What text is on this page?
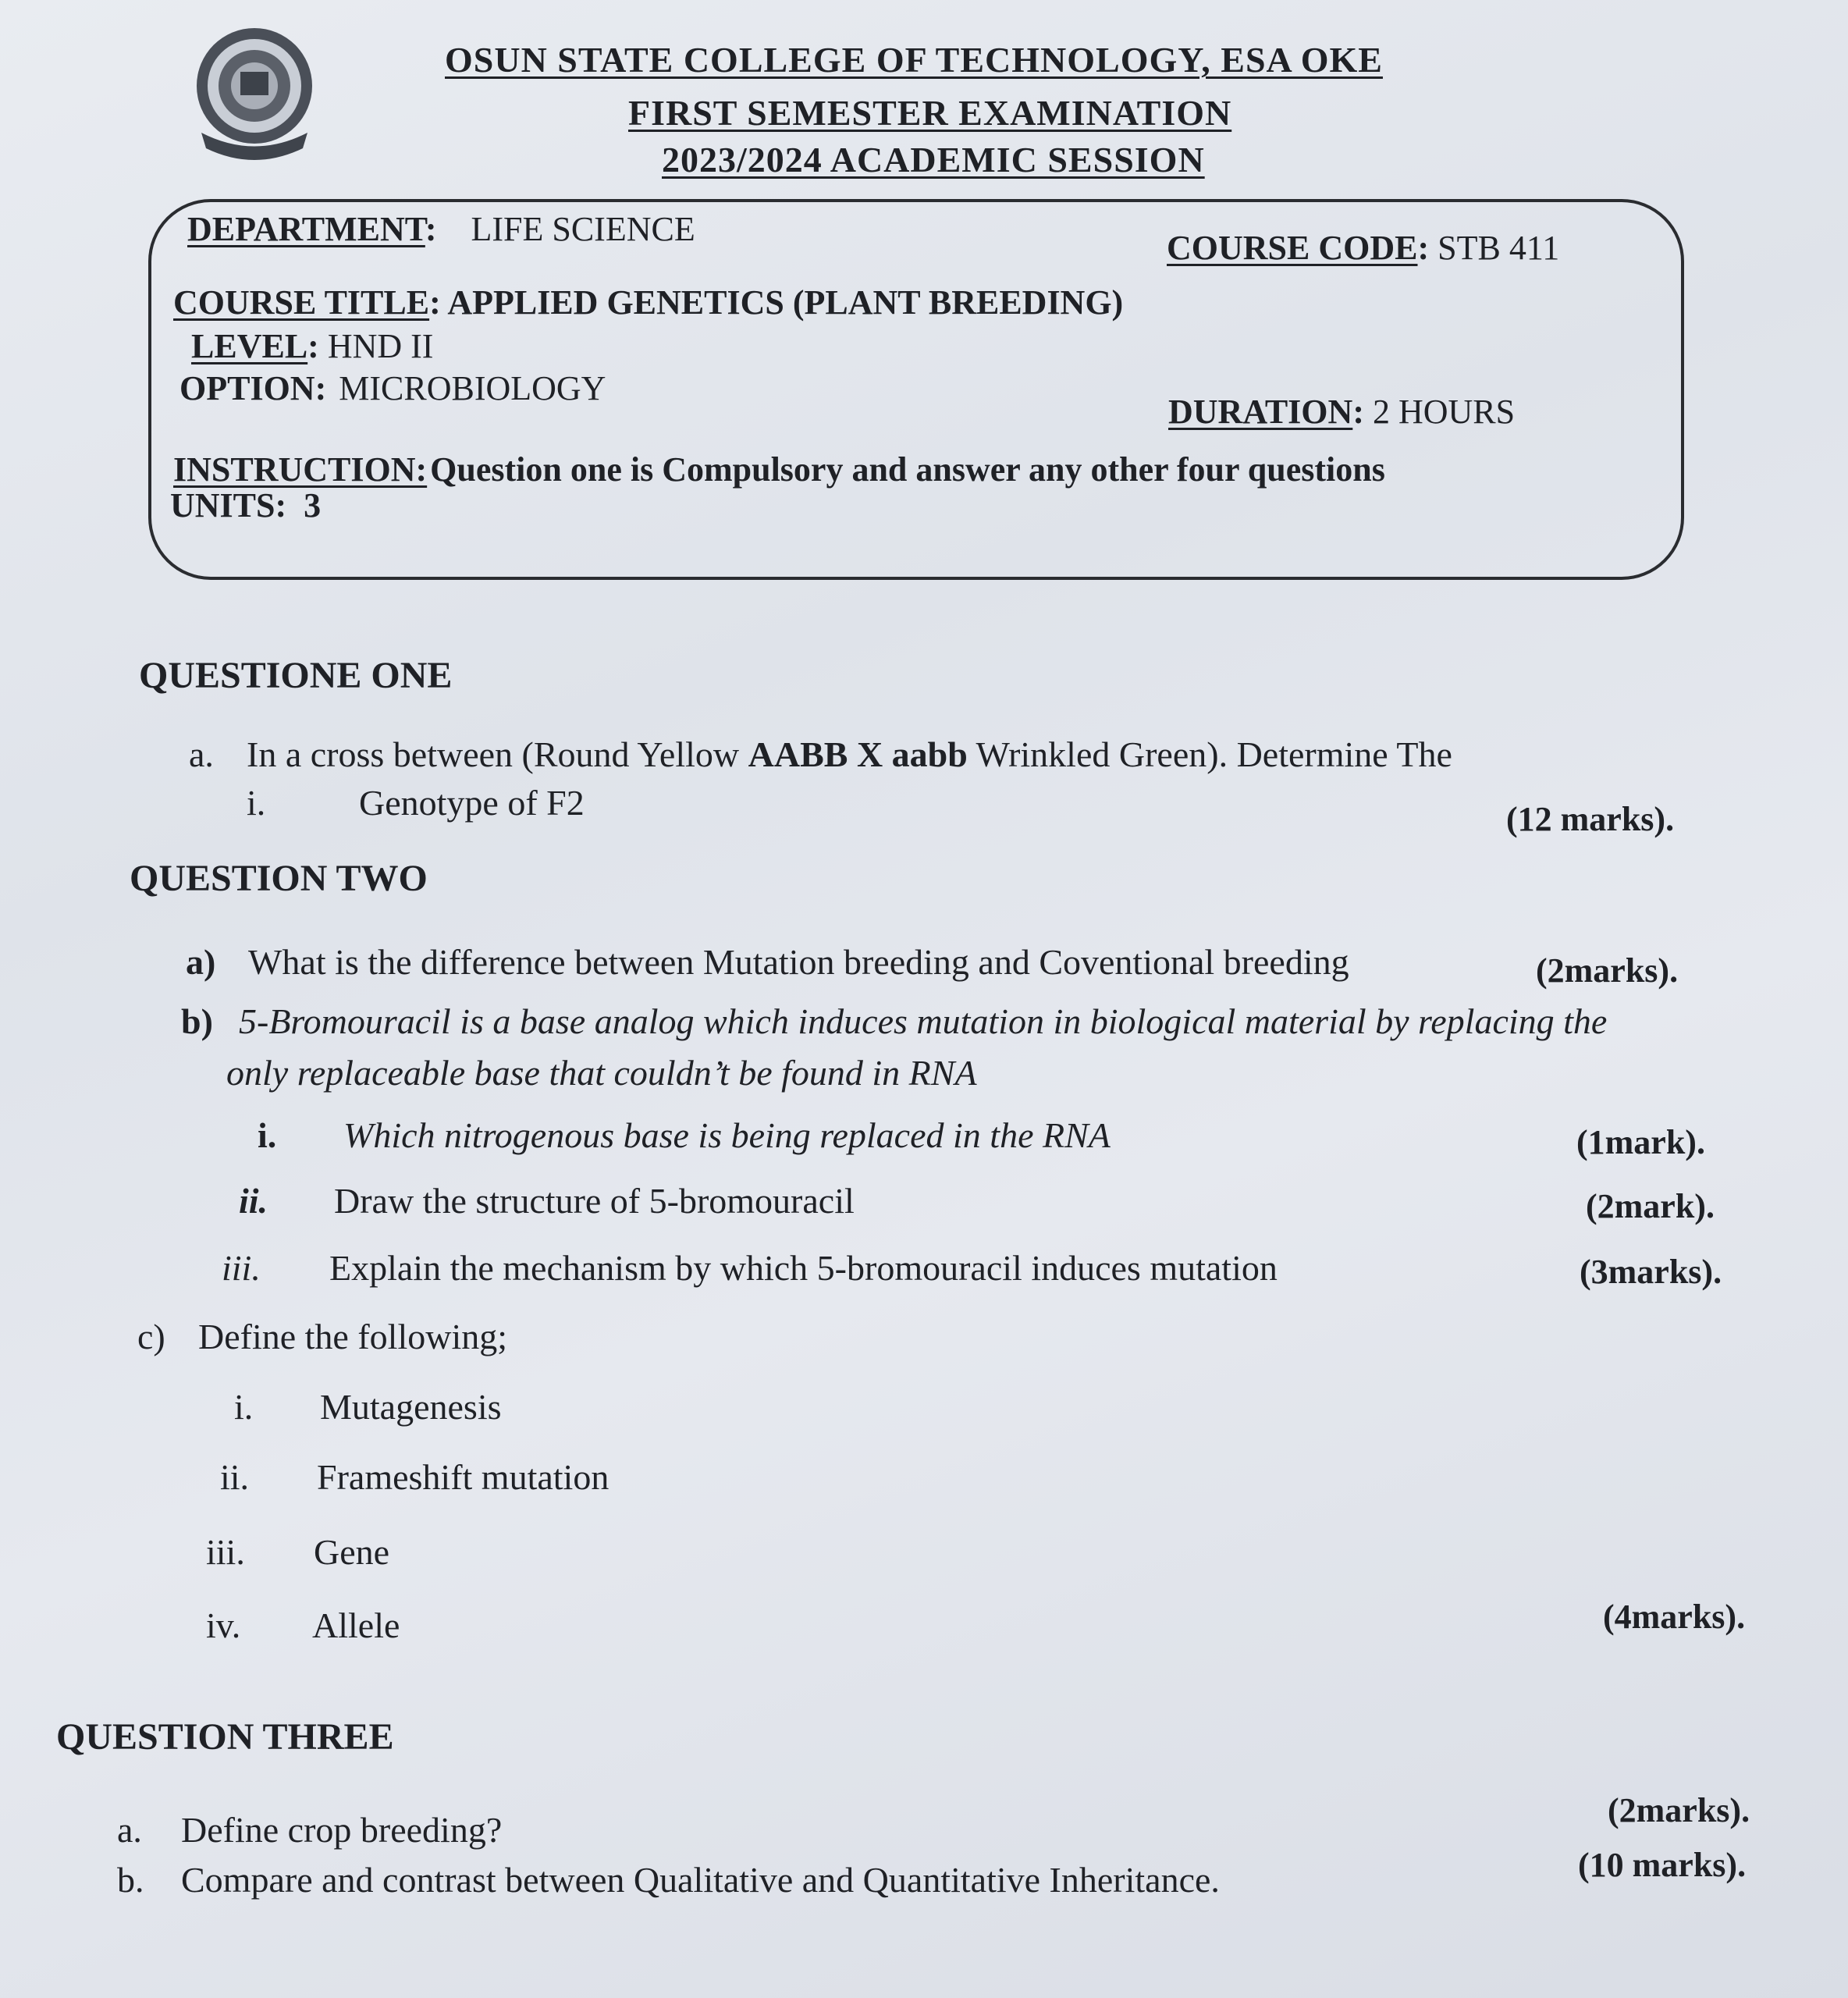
OSUN STATE COLLEGE OF TECHNOLOGY, ESA OKE
FIRST SEMESTER EXAMINATION
2023/2024 ACADEMIC SESSION
DEPARTMENT: LIFE SCIENCE	COURSE CODE: STB 411
COURSE TITLE: APPLIED GENETICS (PLANT BREEDING)
LEVEL: HND II
OPTION: MICROBIOLOGY
DURATION: 2 HOURS
INSTRUCTION: Question one is Compulsory and answer any other four questions
UNITS: 3
QUESTIONE ONE
a. In a cross between (Round Yellow AABB X aabb Wrinkled Green). Determine The
i.	Genotype of F2	(12 marks).
QUESTION TWO
a) What is the difference between Mutation breeding and Coventional breeding	(2marks).
b) 5-Bromouracil is a base analog which induces mutation in biological material by replacing the
only replaceable base that couldn’t be found in RNA
i. Which nitrogenous base is being replaced in the RNA	(1mark).
ii. Draw the structure of 5-bromouracil	(2mark).
iii. Explain the mechanism by which 5-bromouracil induces mutation	(3marks).
c) Define the following;
i. Mutagenesis
ii. Frameshift mutation
iii. Gene
iv. Allele	(4marks).
QUESTION THREE
a. Define crop breeding?	(2marks).
b. Compare and contrast between Qualitative and Quantitative Inheritance.	(10 marks).
